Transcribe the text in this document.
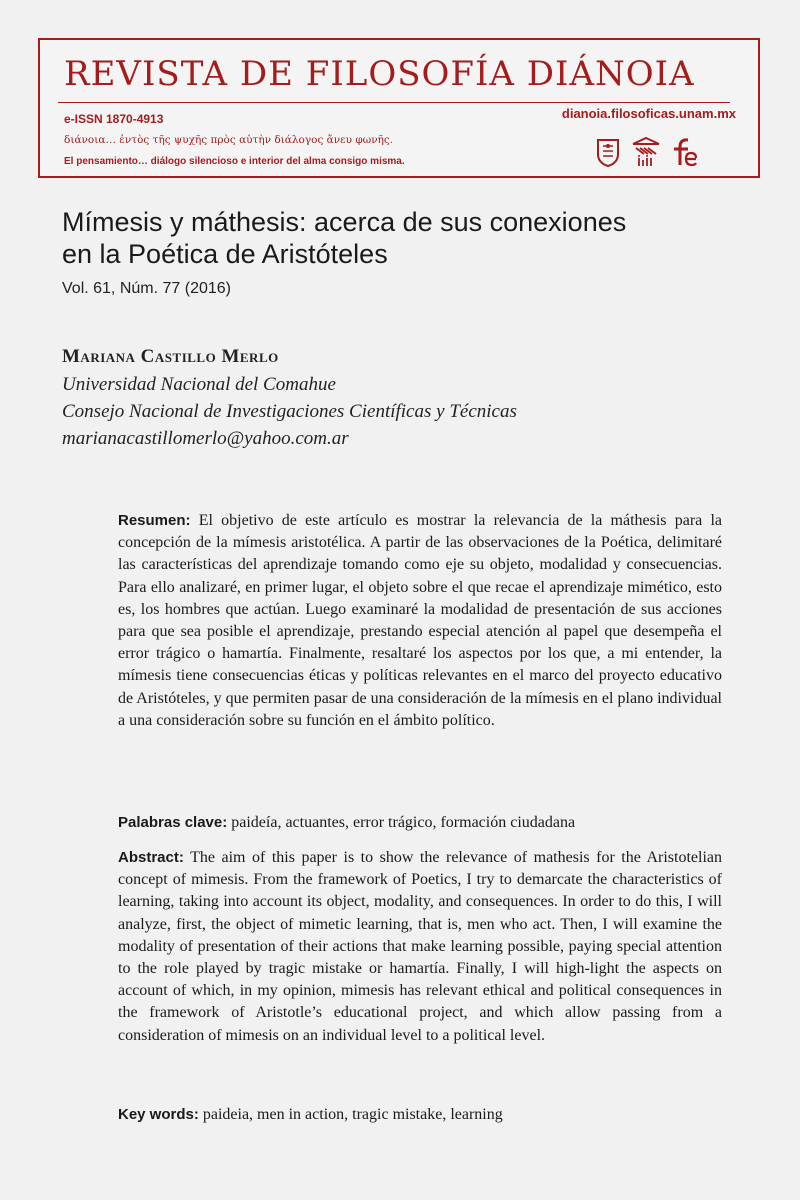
REVISTA DE FILOSOFÍA DIÁNOIA
e-ISSN 1870-4913
διάνοια… ἐντὸς τῆς ψυχῆς πρὸς αὑτὴν διάλογος ἄνευ φωνῆς.
El pensamiento… diálogo silencioso e interior del alma consigo misma.
dianoia.filosoficas.unam.mx
Mímesis y máthesis: acerca de sus conexiones
en la Poética de Aristóteles
Vol. 61, Núm. 77 (2016)
Mariana Castillo Merlo
Universidad Nacional del Comahue
Consejo Nacional de Investigaciones Científicas y Técnicas
marianacastillomerlo@yahoo.com.ar
Resumen: El objetivo de este artículo es mostrar la relevancia de la máthesis para la concepción de la mímesis aristotélica. A partir de las observaciones de la Poética, delimitaré las características del aprendizaje tomando como eje su objeto, modalidad y consecuencias. Para ello analizaré, en primer lugar, el objeto sobre el que recae el aprendizaje mimético, esto es, los hombres que actúan. Luego examinaré la modalidad de presentación de sus acciones para que sea posible el aprendizaje, prestando especial atención al papel que desempeña el error trágico o hamartía. Finalmente, resaltaré los aspectos por los que, a mi entender, la mímesis tiene consecuencias éticas y políticas relevantes en el marco del proyecto educativo de Aristóteles, y que permiten pasar de una consideración de la mímesis en el plano individual a una consideración sobre su función en el ámbito político.
Palabras clave: paideía, actuantes, error trágico, formación ciudadana
Abstract: The aim of this paper is to show the relevance of mathesis for the Aristotelian concept of mimesis. From the framework of Poetics, I try to demarcate the characteristics of learning, taking into account its object, modality, and consequences. In order to do this, I will analyze, first, the object of mimetic learning, that is, men who act. Then, I will examine the modality of presentation of their actions that make learning possible, paying special attention to the role played by tragic mistake or hamartía. Finally, I will high-light the aspects on account of which, in my opinion, mimesis has relevant ethical and political consequences in the framework of Aristotle’s educational project, and which allow passing from a consideration of mimesis on an individual level to a political level.
Key words: paideia, men in action, tragic mistake, learning
